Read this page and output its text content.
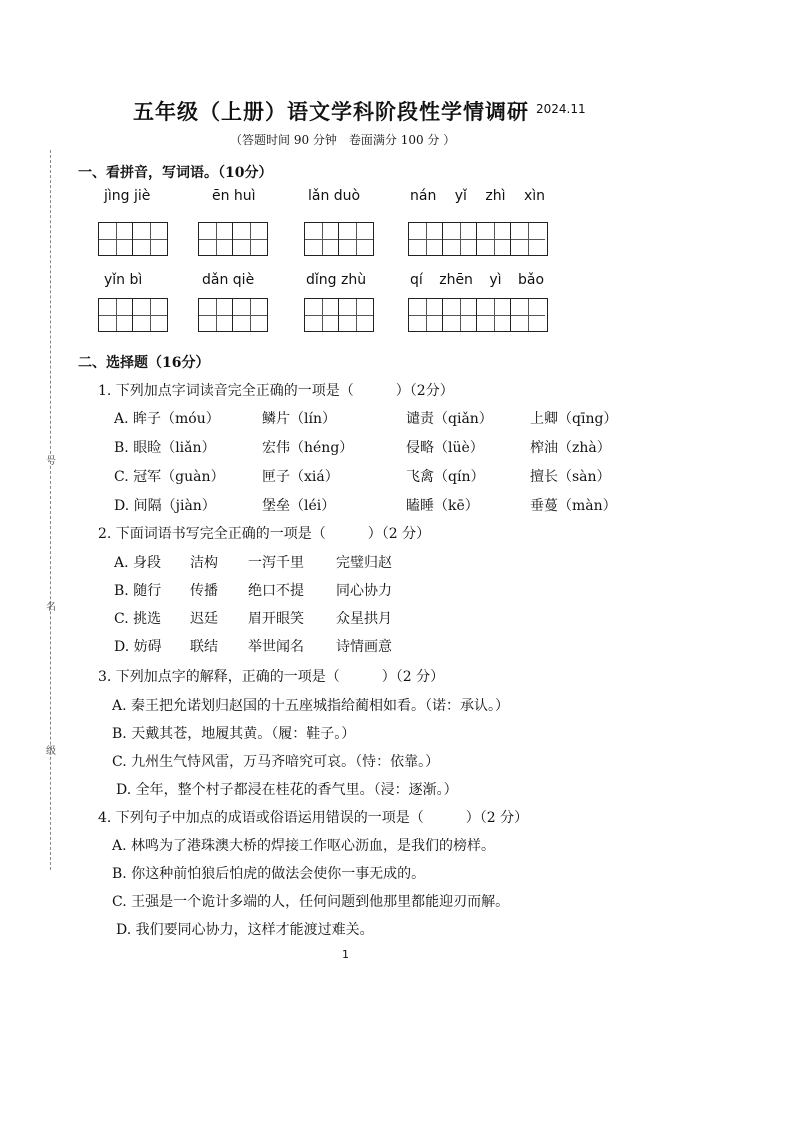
号
名
级
五年级（上册）语文学科阶段性学情调研 2024.11
（答题时间 90 分钟　卷面满分 100 分 ）
一、看拼音，写词语。（10分）
jìng jiè	ēn huì	lǎn duò	nán yǐ zhì xìn
yǐn bì	dǎn qiè	dǐng zhù	qí zhēn yì bǎo
二、选择题（16分）
1. 下列加点字词读音完全正确的一项是（　　　）（2分）
A. 眸子（móu）	鳞片（lín）	谴责（qiǎn）	上卿（qīng）
B. 眼睑（liǎn）	宏伟（héng）	侵略（lüè）	榨油（zhà）
C. 冠军（guàn）	匣子（xiá）	飞禽（qín）	擅长（sàn）
D. 间隔（jiàn）	堡垒（léi）	瞌睡（kē）	垂蔓（màn）
2. 下面词语书写完全正确的一项是（　　　）（2 分）
A. 身段 洁构 一泻千里 完璧归赵
B. 随行 传播 绝口不提 同心协力
C. 挑选 迟廷 眉开眼笑 众星拱月
D. 妨碍 联结 举世闻名 诗情画意
3. 下列加点字的解释，正确的一项是（　　　）（2 分）
A. 秦王把允诺划归赵国的十五座城指给蔺相如看。（诺：承认。）
B. 天戴其苍，地履其黄。（履：鞋子。）
C. 九州生气恃风雷，万马齐喑究可哀。（恃：依靠。）
D. 全年，整个村子都浸在桂花的香气里。（浸：逐渐。）
4. 下列句子中加点的成语或俗语运用错误的一项是（　　　）（2 分）
A. 林鸣为了港珠澳大桥的焊接工作呕心沥血，是我们的榜样。
B. 你这种前怕狼后怕虎的做法会使你一事无成的。
C. 王强是一个诡计多端的人，任何问题到他那里都能迎刃而解。
D. 我们要同心协力，这样才能渡过难关。
1
